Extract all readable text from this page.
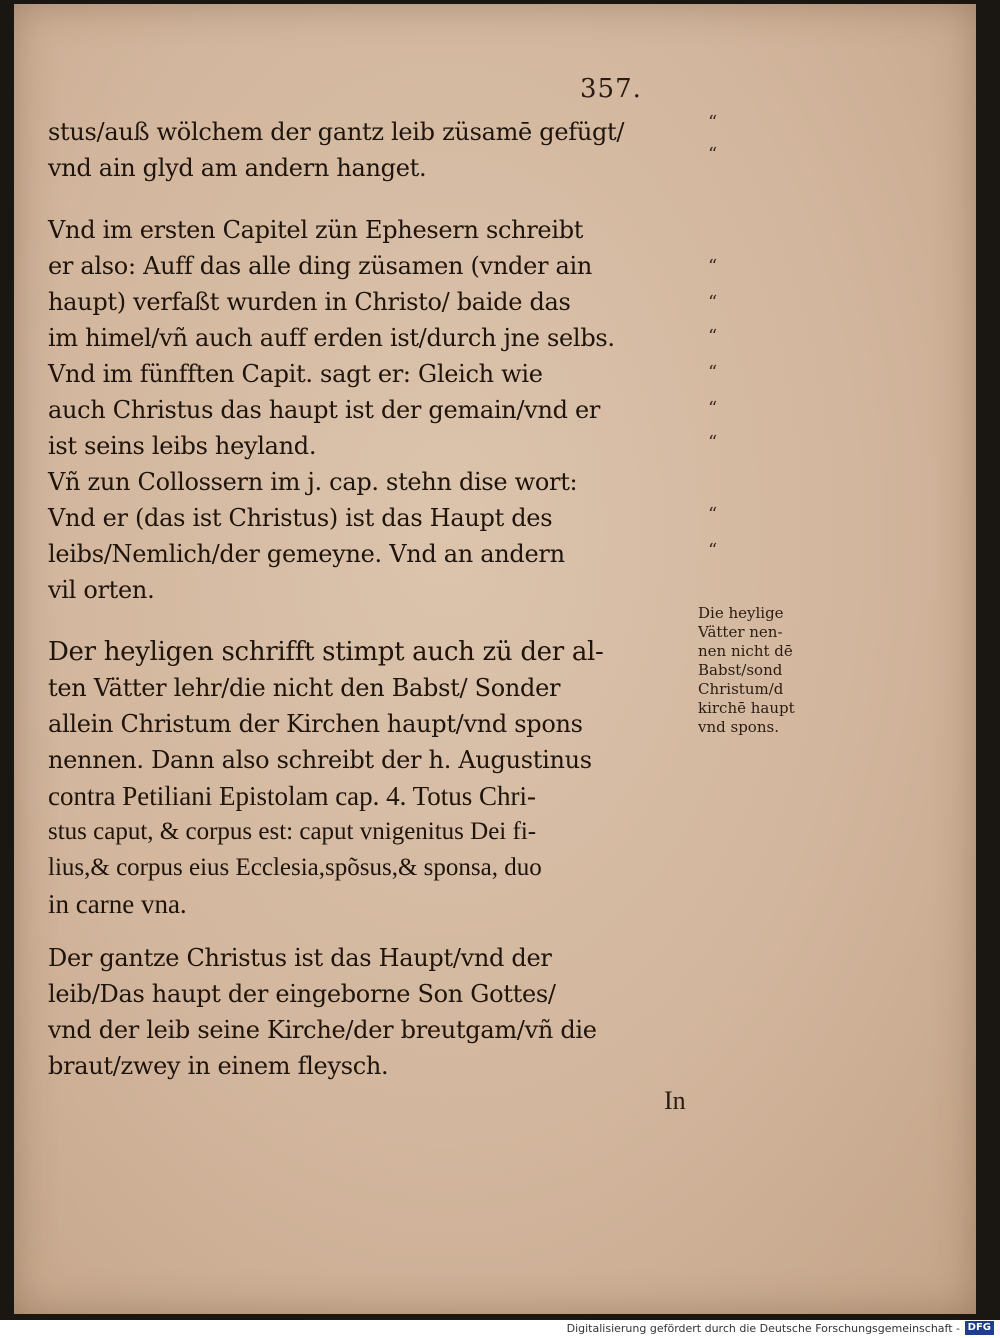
357.
stus/auß wölchem der gantz leib züsamē gefügt/
vnd ain glyd am andern hanget.
Vnd im ersten Capitel zün Ephesern schreibt
er also: Auff das alle ding züsamen (vnder ain
haupt) verfaßt wurden in Christo/ baide das
im himel/vñ auch auff erden ist/durch jne selbs.
Vnd im fünfften Capit. sagt er: Gleich wie
auch Christus das haupt ist der gemain/vnd er
ist seins leibs heyland.
Vñ zun Collossern im j. cap. stehn dise wort:
Vnd er (das ist Christus) ist das Haupt des
leibs/Nemlich/der gemeyne. Vnd an andern
vil orten.
Der heyligen schrifft stimpt auch zü der al-
ten Vätter lehr/die nicht den Babst/ Sonder
allein Christum der Kirchen haupt/vnd spons
nennen. Dann also schreibt der h. Augustinus
contra Petiliani Epistolam cap. 4. Totus Chri-
stus caput, & corpus est: caput vnigenitus Dei fi-
lius,& corpus eius Ecclesia,spõsus,& sponsa, duo
in carne vna.
Der gantze Christus ist das Haupt/vnd der
leib/Das haupt der eingeborne Son Gottes/
vnd der leib seine Kirche/der breutgam/vñ die
braut/zwey in einem fleysch.
“
“
“
“
“
“
“
“
“
“
Die heylige
Vätter nen-
nen nicht dē
Babst/sond
Christum/d
kirchē haupt
vnd spons.
In
Digitalisierung gefördert durch die Deutsche Forschungsgemeinschaft - DFG
